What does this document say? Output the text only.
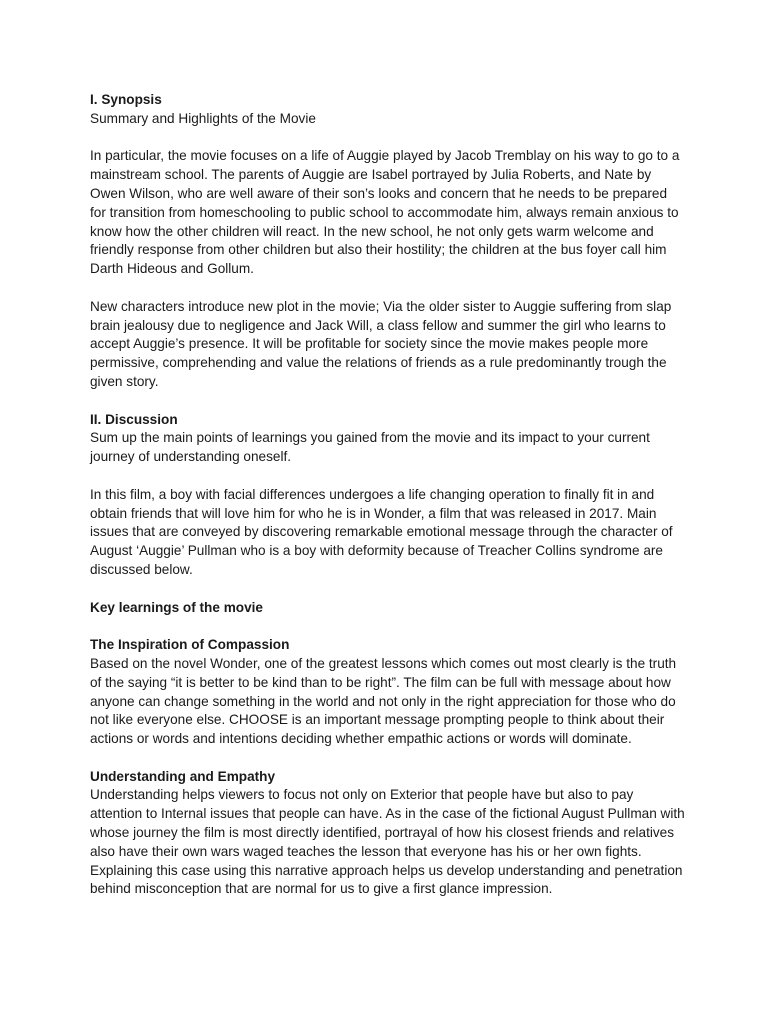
I. Synopsis

Summary and Highlights of the Movie

In particular, the movie focuses on a life of Auggie played by Jacob Tremblay on his way to go to a mainstream school. The parents of Auggie are Isabel portrayed by Julia Roberts, and Nate by Owen Wilson, who are well aware of their son’s looks and concern that he needs to be prepared for transition from homeschooling to public school to accommodate him, always remain anxious to know how the other children will react. In the new school, he not only gets warm welcome and friendly response from other children but also their hostility; the children at the bus foyer call him Darth Hideous and Gollum.

New characters introduce new plot in the movie; Via the older sister to Auggie suffering from slap brain jealousy due to negligence and Jack Will, a class fellow and summer the girl who learns to accept Auggie’s presence. It will be profitable for society since the movie makes people more permissive, comprehending and value the relations of friends as a rule predominantly trough the given story.

II. Discussion

Sum up the main points of learnings you gained from the movie and its impact to your current journey of understanding oneself.

In this film, a boy with facial differences undergoes a life changing operation to finally fit in and obtain friends that will love him for who he is in Wonder, a film that was released in 2017. Main issues that are conveyed by discovering remarkable emotional message through the character of August ‘Auggie’ Pullman who is a boy with deformity because of Treacher Collins syndrome are discussed below.

Key learnings of the movie

The Inspiration of Compassion

Based on the novel Wonder, one of the greatest lessons which comes out most clearly is the truth of the saying “it is better to be kind than to be right”. The film can be full with message about how anyone can change something in the world and not only in the right appreciation for those who do not like everyone else. CHOOSE is an important message prompting people to think about their actions or words and intentions deciding whether empathic actions or words will dominate.

Understanding and Empathy

Understanding helps viewers to focus not only on Exterior that people have but also to pay attention to Internal issues that people can have. As in the case of the fictional August Pullman with whose journey the film is most directly identified, portrayal of how his closest friends and relatives also have their own wars waged teaches the lesson that everyone has his or her own fights. Explaining this case using this narrative approach helps us develop understanding and penetration behind misconception that are normal for us to give a first glance impression.
